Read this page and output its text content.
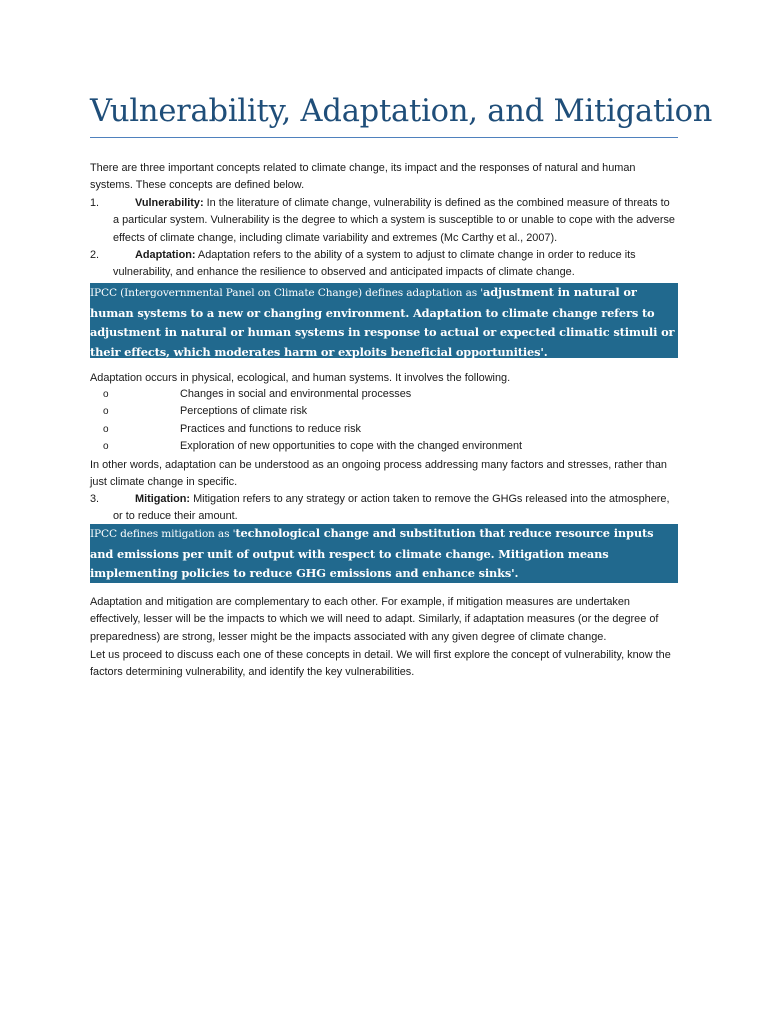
Vulnerability, Adaptation, and Mitigation

There are three important concepts related to climate change, its impact and the responses of natural and human systems. These concepts are defined below.

1.	Vulnerability: In the literature of climate change, vulnerability is defined as the combined measure of threats to a particular system. Vulnerability is the degree to which a system is susceptible to or unable to cope with the adverse effects of climate change, including climate variability and extremes (Mc Carthy et al., 2007).
2.	Adaptation: Adaptation refers to the ability of a system to adjust to climate change in order to reduce its vulnerability, and enhance the resilience to observed and anticipated impacts of climate change.
IPCC (Intergovernmental Panel on Climate Change) defines adaptation as 'adjustment in natural or human systems to a new or changing environment. Adaptation to climate change refers to adjustment in natural or human systems in response to actual or expected climatic stimuli or their effects, which moderates harm or exploits beneficial opportunities'.

Adaptation occurs in physical, ecological, and human systems. It involves the following.

o	Changes in social and environmental processes
o	Perceptions of climate risk
o	Practices and functions to reduce risk
o	Exploration of new opportunities to cope with the changed environment

In other words, adaptation can be understood as an ongoing process addressing many factors and stresses, rather than just climate change in specific.

3.	Mitigation: Mitigation refers to any strategy or action taken to remove the GHGs released into the atmosphere, or to reduce their amount.
IPCC defines mitigation as 'technological change and substitution that reduce resource inputs and emissions per unit of output with respect to climate change. Mitigation means implementing policies to reduce GHG emissions and enhance sinks'.

Adaptation and mitigation are complementary to each other. For example, if mitigation measures are undertaken effectively, lesser will be the impacts to which we will need to adapt. Similarly, if adaptation measures (or the degree of preparedness) are strong, lesser might be the impacts associated with any given degree of climate change.

Let us proceed to discuss each one of these concepts in detail. We will first explore the concept of vulnerability, know the factors determining vulnerability, and identify the key vulnerabilities.
